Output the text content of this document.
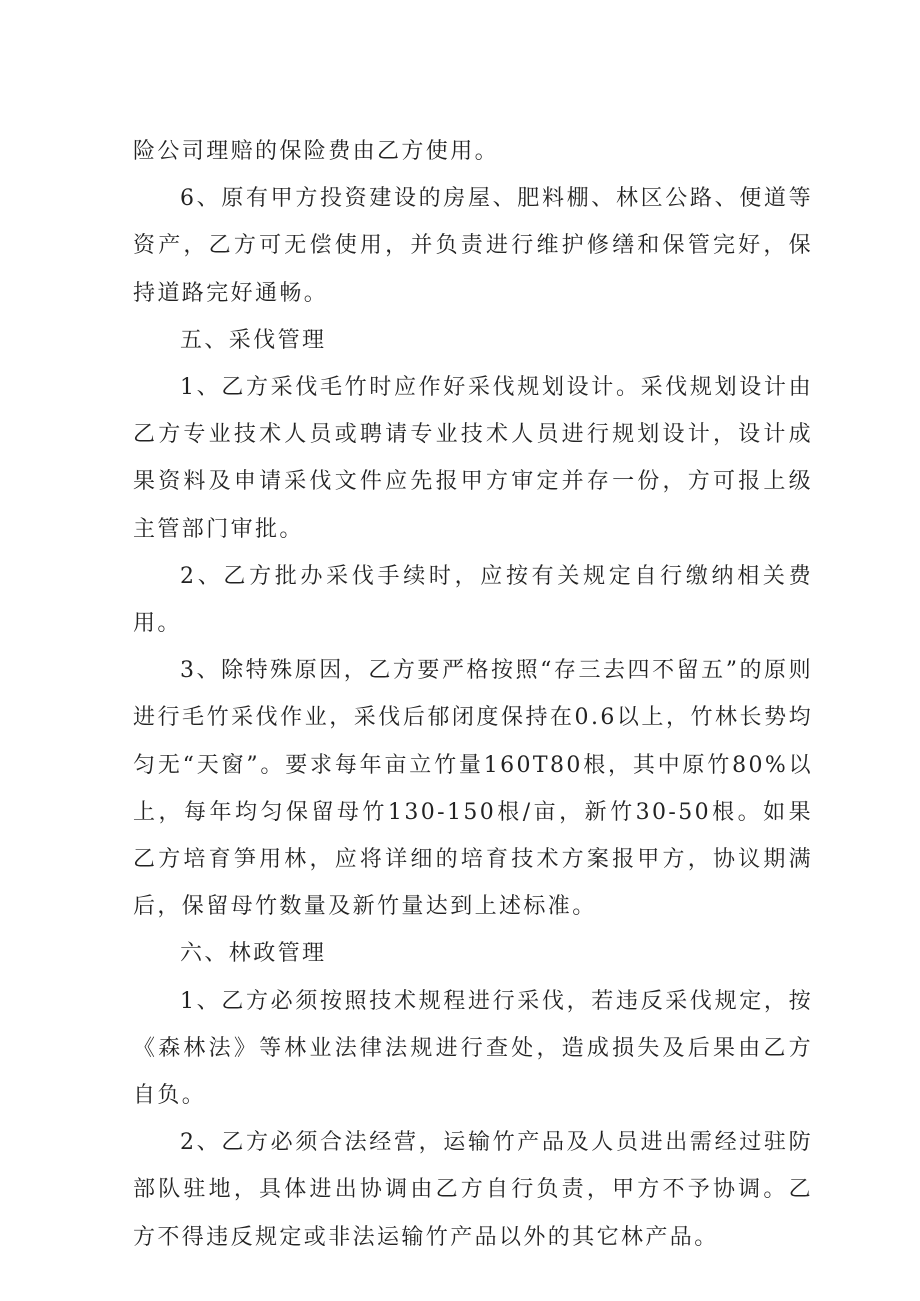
险公司理赔的保险费由乙方使用。

6、原有甲方投资建设的房屋、肥料棚、林区公路、便道等资产，乙方可无偿使用，并负责进行维护修缮和保管完好，保持道路完好通畅。

五、采伐管理

1、乙方采伐毛竹时应作好采伐规划设计。采伐规划设计由乙方专业技术人员或聘请专业技术人员进行规划设计，设计成果资料及申请采伐文件应先报甲方审定并存一份，方可报上级主管部门审批。

2、乙方批办采伐手续时，应按有关规定自行缴纳相关费用。

3、除特殊原因，乙方要严格按照“存三去四不留五”的原则进行毛竹采伐作业，采伐后郁闭度保持在0.6以上，竹林长势均匀无“天窗”。要求每年亩立竹量160T80根，其中原竹80%以上，每年均匀保留母竹130-150根/亩，新竹30-50根。如果乙方培育笋用林，应将详细的培育技术方案报甲方，协议期满后，保留母竹数量及新竹量达到上述标准。

六、林政管理

1、乙方必须按照技术规程进行采伐，若违反采伐规定，按《森林法》等林业法律法规进行查处，造成损失及后果由乙方自负。

2、乙方必须合法经营，运输竹产品及人员进出需经过驻防部队驻地，具体进出协调由乙方自行负责，甲方不予协调。乙方不得违反规定或非法运输竹产品以外的其它林产品。
